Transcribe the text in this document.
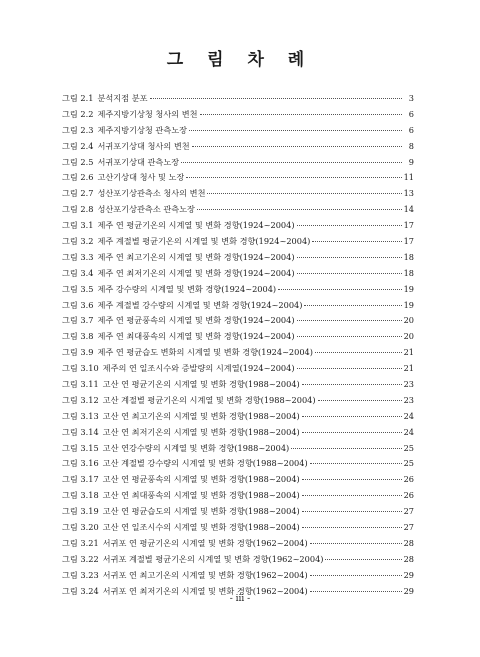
그 림 차 례
그림 2.1 분석지점 분포	3
그림 2.2 제주지방기상청 청사의 변천	6
그림 2.3 제주지방기상청 관측노장	6
그림 2.4 서귀포기상대 청사의 변천	8
그림 2.5 서귀포기상대 관측노장	9
그림 2.6 고산기상대 청사 및 노장	11
그림 2.7 성산포기상관측소 청사의 변천	13
그림 2.8 성산포기상관측소 관측노장	14
그림 3.1 제주 연 평균기온의 시계열 및 변화 경향(1924~2004)	17
그림 3.2 제주 계절별 평균기온의 시계열 및 변화 경향(1924~2004)	17
그림 3.3 제주 연 최고기온의 시계열 및 변화 경향(1924~2004)	18
그림 3.4 제주 연 최저기온의 시계열 및 변화 경향(1924~2004)	18
그림 3.5 제주 강수량의 시계열 및 변화 경향(1924~2004)	19
그림 3.6 제주 계절별 강수량의 시계열 및 변화 경향(1924~2004)	19
그림 3.7 제주 연 평균풍속의 시계열 및 변화 경향(1924~2004)	20
그림 3.8 제주 연 최대풍속의 시계열 및 변화 경향(1924~2004)	20
그림 3.9 제주 연 평균습도 변화의 시계열 및 변화 경향(1924~2004)	21
그림 3.10 제주의 연 일조시수와 증발량의 시계열(1924~2004)	21
그림 3.11 고산 연 평균기온의 시계열 및 변화 경향(1988~2004)	23
그림 3.12 고산 계절별 평균기온의 시계열 및 변화 경향(1988~2004)	23
그림 3.13 고산 연 최고기온의 시계열 및 변화 경향(1988~2004)	24
그림 3.14 고산 연 최저기온의 시계열 및 변화 경향(1988~2004)	24
그림 3.15 고산 연강수량의 시계열 및 변화 경향(1988~2004)	25
그림 3.16 고산 계절별 강수량의 시계열 및 변화 경향(1988~2004)	25
그림 3.17 고산 연 평균풍속의 시계열 및 변화 경향(1988~2004)	26
그림 3.18 고산 연 최대풍속의 시계열 및 변화 경향(1988~2004)	26
그림 3.19 고산 연 평균습도의 시계열 및 변화 경향(1988~2004)	27
그림 3.20 고산 연 일조시수의 시계열 및 변화 경향(1988~2004)	27
그림 3.21 서귀포 연 평균기온의 시계열 및 변화 경향(1962~2004)	28
그림 3.22 서귀포 계절별 평균기온의 시계열 및 변화 경향(1962~2004)	28
그림 3.23 서귀포 연 최고기온의 시계열 및 변화 경향(1962~2004)	29
그림 3.24 서귀포 연 최저기온의 시계열 및 변화 경향(1962~2004)	29
- iii -
